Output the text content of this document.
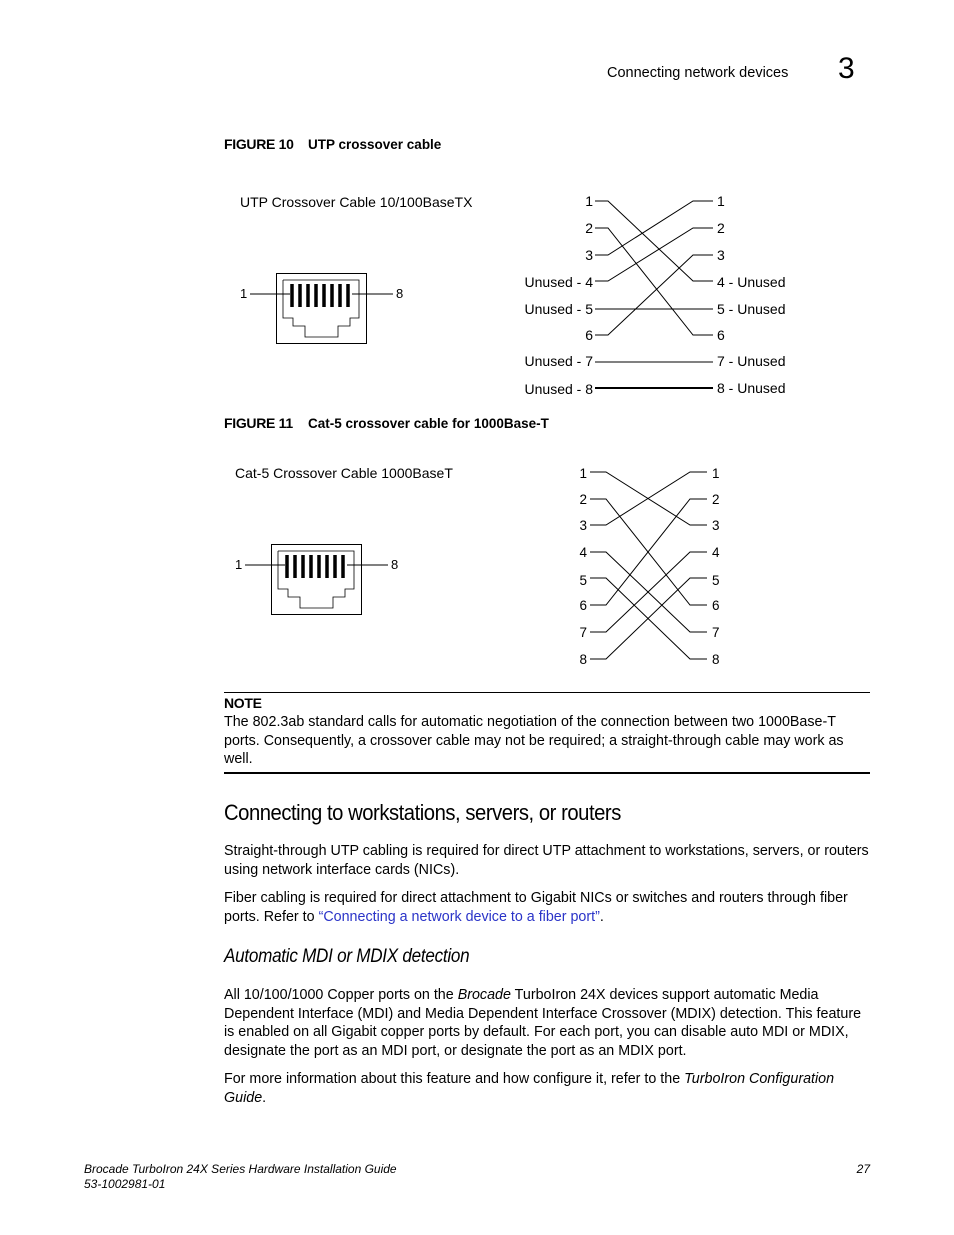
Connecting network devices 3
FIGURE 10 UTP crossover cable
UTP Crossover Cable 10/100BaseTX
1	8
1
2
3
Unused - 4
Unused - 5
6
Unused - 7
Unused - 8
1
2
3
4 - Unused
5 - Unused
6
7 - Unused
8 - Unused
FIGURE 11 Cat-5 crossover cable for 1000Base-T
Cat-5 Crossover Cable 1000BaseT
1	8
1
2
3
4
5
6
7
8
1
2
3
4
5
6
7
8
NOTE
The 802.3ab standard calls for automatic negotiation of the connection between two 1000Base-T ports. Consequently, a crossover cable may not be required; a straight-through cable may work as well.
Connecting to workstations, servers, or routers
Straight-through UTP cabling is required for direct UTP attachment to workstations, servers, or routers using network interface cards (NICs).
Fiber cabling is required for direct attachment to Gigabit NICs or switches and routers through fiber ports. Refer to “Connecting a network device to a fiber port”.
Automatic MDI or MDIX detection
All 10/100/1000 Copper ports on the Brocade TurboIron 24X devices support automatic Media Dependent Interface (MDI) and Media Dependent Interface Crossover (MDIX) detection. This feature is enabled on all Gigabit copper ports by default. For each port, you can disable auto MDI or MDIX, designate the port as an MDI port, or designate the port as an MDIX port.
For more information about this feature and how configure it, refer to the TurboIron Configuration Guide.
Brocade TurboIron 24X Series Hardware Installation Guide
53-1002981-01
27
